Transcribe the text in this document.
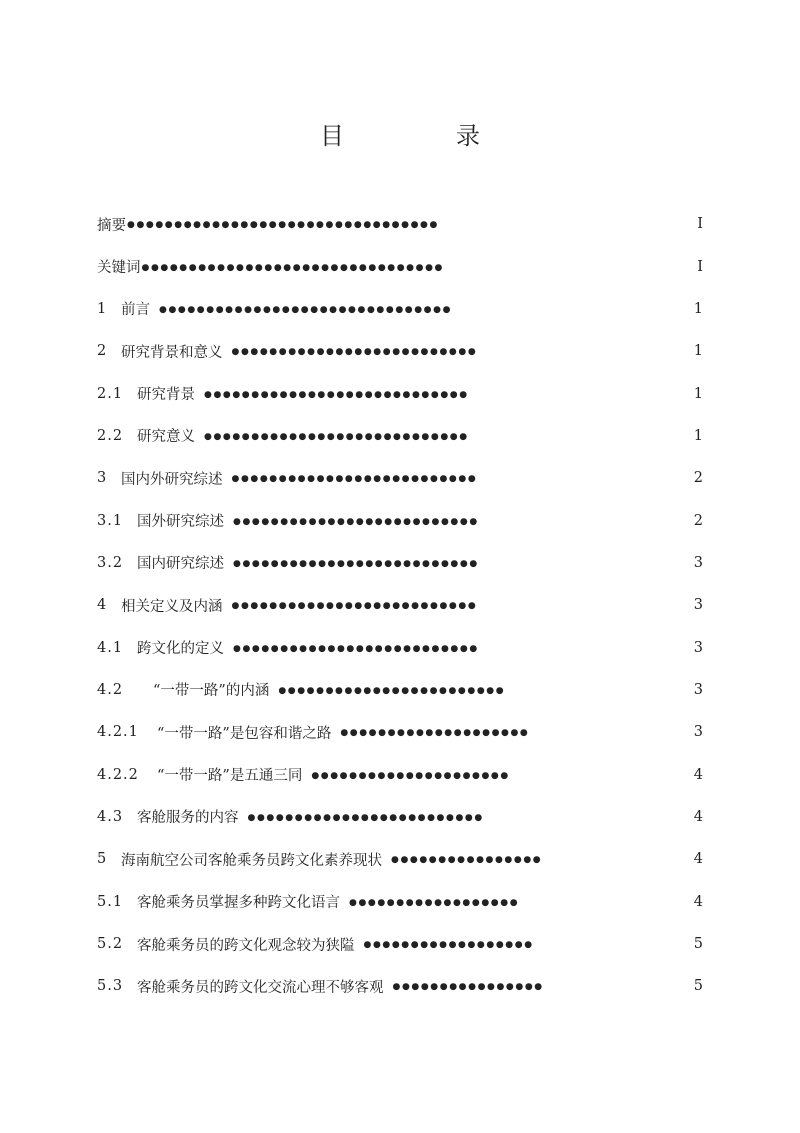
目　录
摘要 ●●●●●●●●●●●●●●●●●●●●●●●●●●●●●●●●●	I
关键词 ●●●●●●●●●●●●●●●●●●●●●●●●●●●●●●●●	I
1 前言 ●●●●●●●●●●●●●●●●●●●●●●●●●●●●●●●	1
2 研究背景和意义 ●●●●●●●●●●●●●●●●●●●●●●●●●●	1
2.1 研究背景 ●●●●●●●●●●●●●●●●●●●●●●●●●●●●	1
2.2 研究意义 ●●●●●●●●●●●●●●●●●●●●●●●●●●●●	1
3 国内外研究综述 ●●●●●●●●●●●●●●●●●●●●●●●●●●	2
3.1 国外研究综述 ●●●●●●●●●●●●●●●●●●●●●●●●●●	2
3.2 国内研究综述 ●●●●●●●●●●●●●●●●●●●●●●●●●●	3
4 相关定义及内涵 ●●●●●●●●●●●●●●●●●●●●●●●●●●	3
4.1 跨文化的定义 ●●●●●●●●●●●●●●●●●●●●●●●●●●	3
4.2	“一带一路”的内涵 ●●●●●●●●●●●●●●●●●●●●●●●●	3
4.2.1	“一带一路”是包容和谐之路 ●●●●●●●●●●●●●●●●●●●●	3
4.2.2	“一带一路”是五通三同 ●●●●●●●●●●●●●●●●●●●●●	4
4.3 客舱服务的内容 ●●●●●●●●●●●●●●●●●●●●●●●●●	4
5 海南航空公司客舱乘务员跨文化素养现状 ●●●●●●●●●●●●●●●●	4
5.1 客舱乘务员掌握多种跨文化语言 ●●●●●●●●●●●●●●●●●●	4
5.2 客舱乘务员的跨文化观念较为狭隘 ●●●●●●●●●●●●●●●●●●	5
5.3 客舱乘务员的跨文化交流心理不够客观 ●●●●●●●●●●●●●●●●	5
